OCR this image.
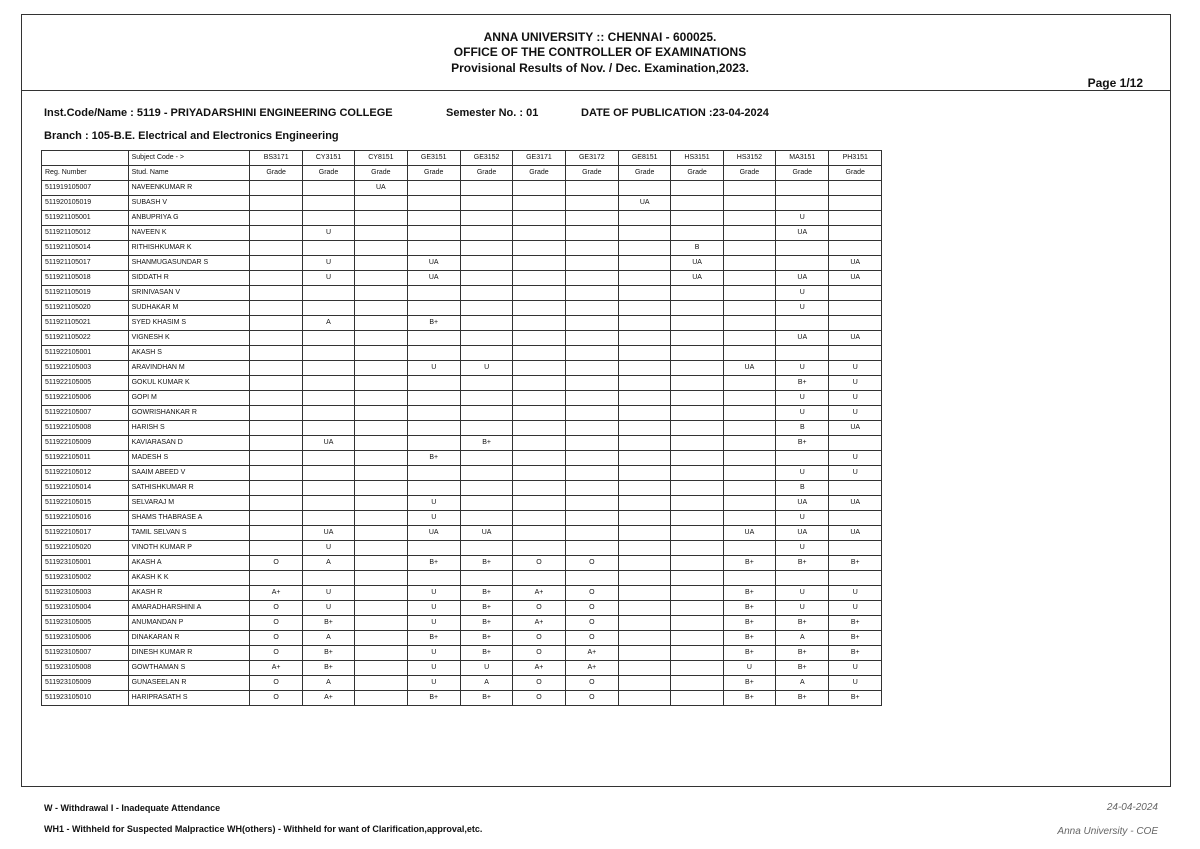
ANNA UNIVERSITY :: CHENNAI - 600025.
OFFICE OF THE CONTROLLER OF EXAMINATIONS
Provisional Results of Nov. / Dec. Examination,2023.
Page 1/12
Inst.Code/Name : 5119 - PRIYADARSHINI ENGINEERING COLLEGE	Semester No. : 01	DATE OF PUBLICATION :23-04-2024
Branch : 105-B.E. Electrical and Electronics Engineering
	Subject Code - >	BS3171	CY3151	CY8151	GE3151	GE3152	GE3171	GE3172	GE8151	HS3151	HS3152	MA3151	PH3151
Reg. Number	Stud. Name	Grade	Grade	Grade	Grade	Grade	Grade	Grade	Grade	Grade	Grade	Grade	Grade
511919105007	NAVEENKUMAR R			UA									
511920105019	SUBASH V								UA				
511921105001	ANBUPRIYA G											U	
511921105012	NAVEEN K		U									UA	
511921105014	RITHISHKUMAR K									B			
511921105017	SHANMUGASUNDAR S		U		UA					UA			UA
511921105018	SIDDATH R		U		UA					UA		UA	UA
511921105019	SRINIVASAN V											U	
511921105020	SUDHAKAR M											U	
511921105021	SYED KHASIM S		A		B+								
511921105022	VIGNESH K											UA	UA
511922105001	AKASH S												
511922105003	ARAVINDHAN M				U	U					UA	U	U
511922105005	GOKUL KUMAR K											B+	U
511922105006	GOPI M											U	U
511922105007	GOWRISHANKAR R											U	U
511922105008	HARISH S											B	UA
511922105009	KAVIARASAN D		UA			B+						B+	
511922105011	MADESH S				B+								U
511922105012	SAAIM ABEED V											U	U
511922105014	SATHISHKUMAR R											B	
511922105015	SELVARAJ M				U							UA	UA
511922105016	SHAMS THABRASE A				U							U	
511922105017	TAMIL SELVAN S		UA		UA	UA					UA	UA	UA
511922105020	VINOTH KUMAR P		U									U	
511923105001	AKASH A	O	A		B+	B+	O	O			B+	B+	B+
511923105002	AKASH K K												
511923105003	AKASH R	A+	U		U	B+	A+	O			B+	U	U
511923105004	AMARADHARSHINI A	O	U		U	B+	O	O			B+	U	U
511923105005	ANUMANDAN P	O	B+		U	B+	A+	O			B+	B+	B+
511923105006	DINAKARAN R	O	A		B+	B+	O	O			B+	A	B+
511923105007	DINESH KUMAR R	O	B+		U	B+	O	A+			B+	B+	B+
511923105008	GOWTHAMAN S	A+	B+		U	U	A+	A+			U	B+	U
511923105009	GUNASEELAN R	O	A		U	A	O	O			B+	A	U
511923105010	HARIPRASATH S	O	A+		B+	B+	O	O			B+	B+	B+
W - Withdrawal I - Inadequate Attendance
WH1 - Withheld for Suspected Malpractice WH(others) - Withheld for want of Clarification,approval,etc.
24-04-2024
Anna University - COE
